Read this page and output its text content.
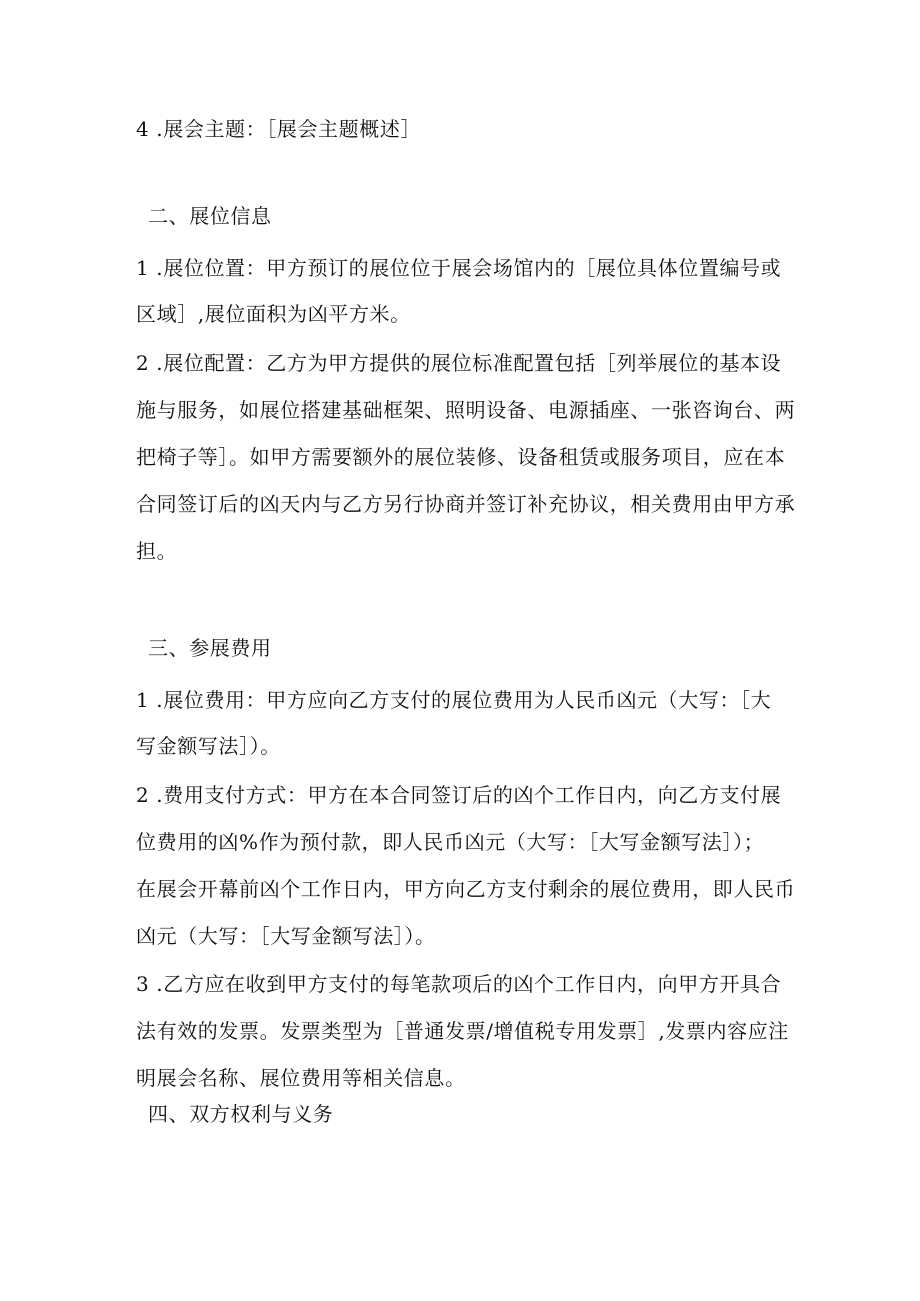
4 .展会主题：［展会主题概述］
二、展位信息
1 .展位位置：甲方预订的展位位于展会场馆内的［展位具体位置编号或
区域］,展位面积为凶平方米。
2 .展位配置：乙方为甲方提供的展位标准配置包括［列举展位的基本设
施与服务，如展位搭建基础框架、照明设备、电源插座、一张咨询台、两
把椅子等］。如甲方需要额外的展位装修、设备租赁或服务项目，应在本
合同签订后的凶天内与乙方另行协商并签订补充协议，相关费用由甲方承
担。
三、参展费用
1 .展位费用：甲方应向乙方支付的展位费用为人民币凶元（大写：［大
写金额写法］）。
2 .费用支付方式：甲方在本合同签订后的凶个工作日内，向乙方支付展
位费用的凶%作为预付款，即人民币凶元（大写：［大写金额写法］）；
在展会开幕前凶个工作日内，甲方向乙方支付剩余的展位费用，即人民币
凶元（大写：［大写金额写法］）。
3 .乙方应在收到甲方支付的每笔款项后的凶个工作日内，向甲方开具合
法有效的发票。发票类型为［普通发票/增值税专用发票］,发票内容应注
明展会名称、展位费用等相关信息。
四、双方权利与义务
